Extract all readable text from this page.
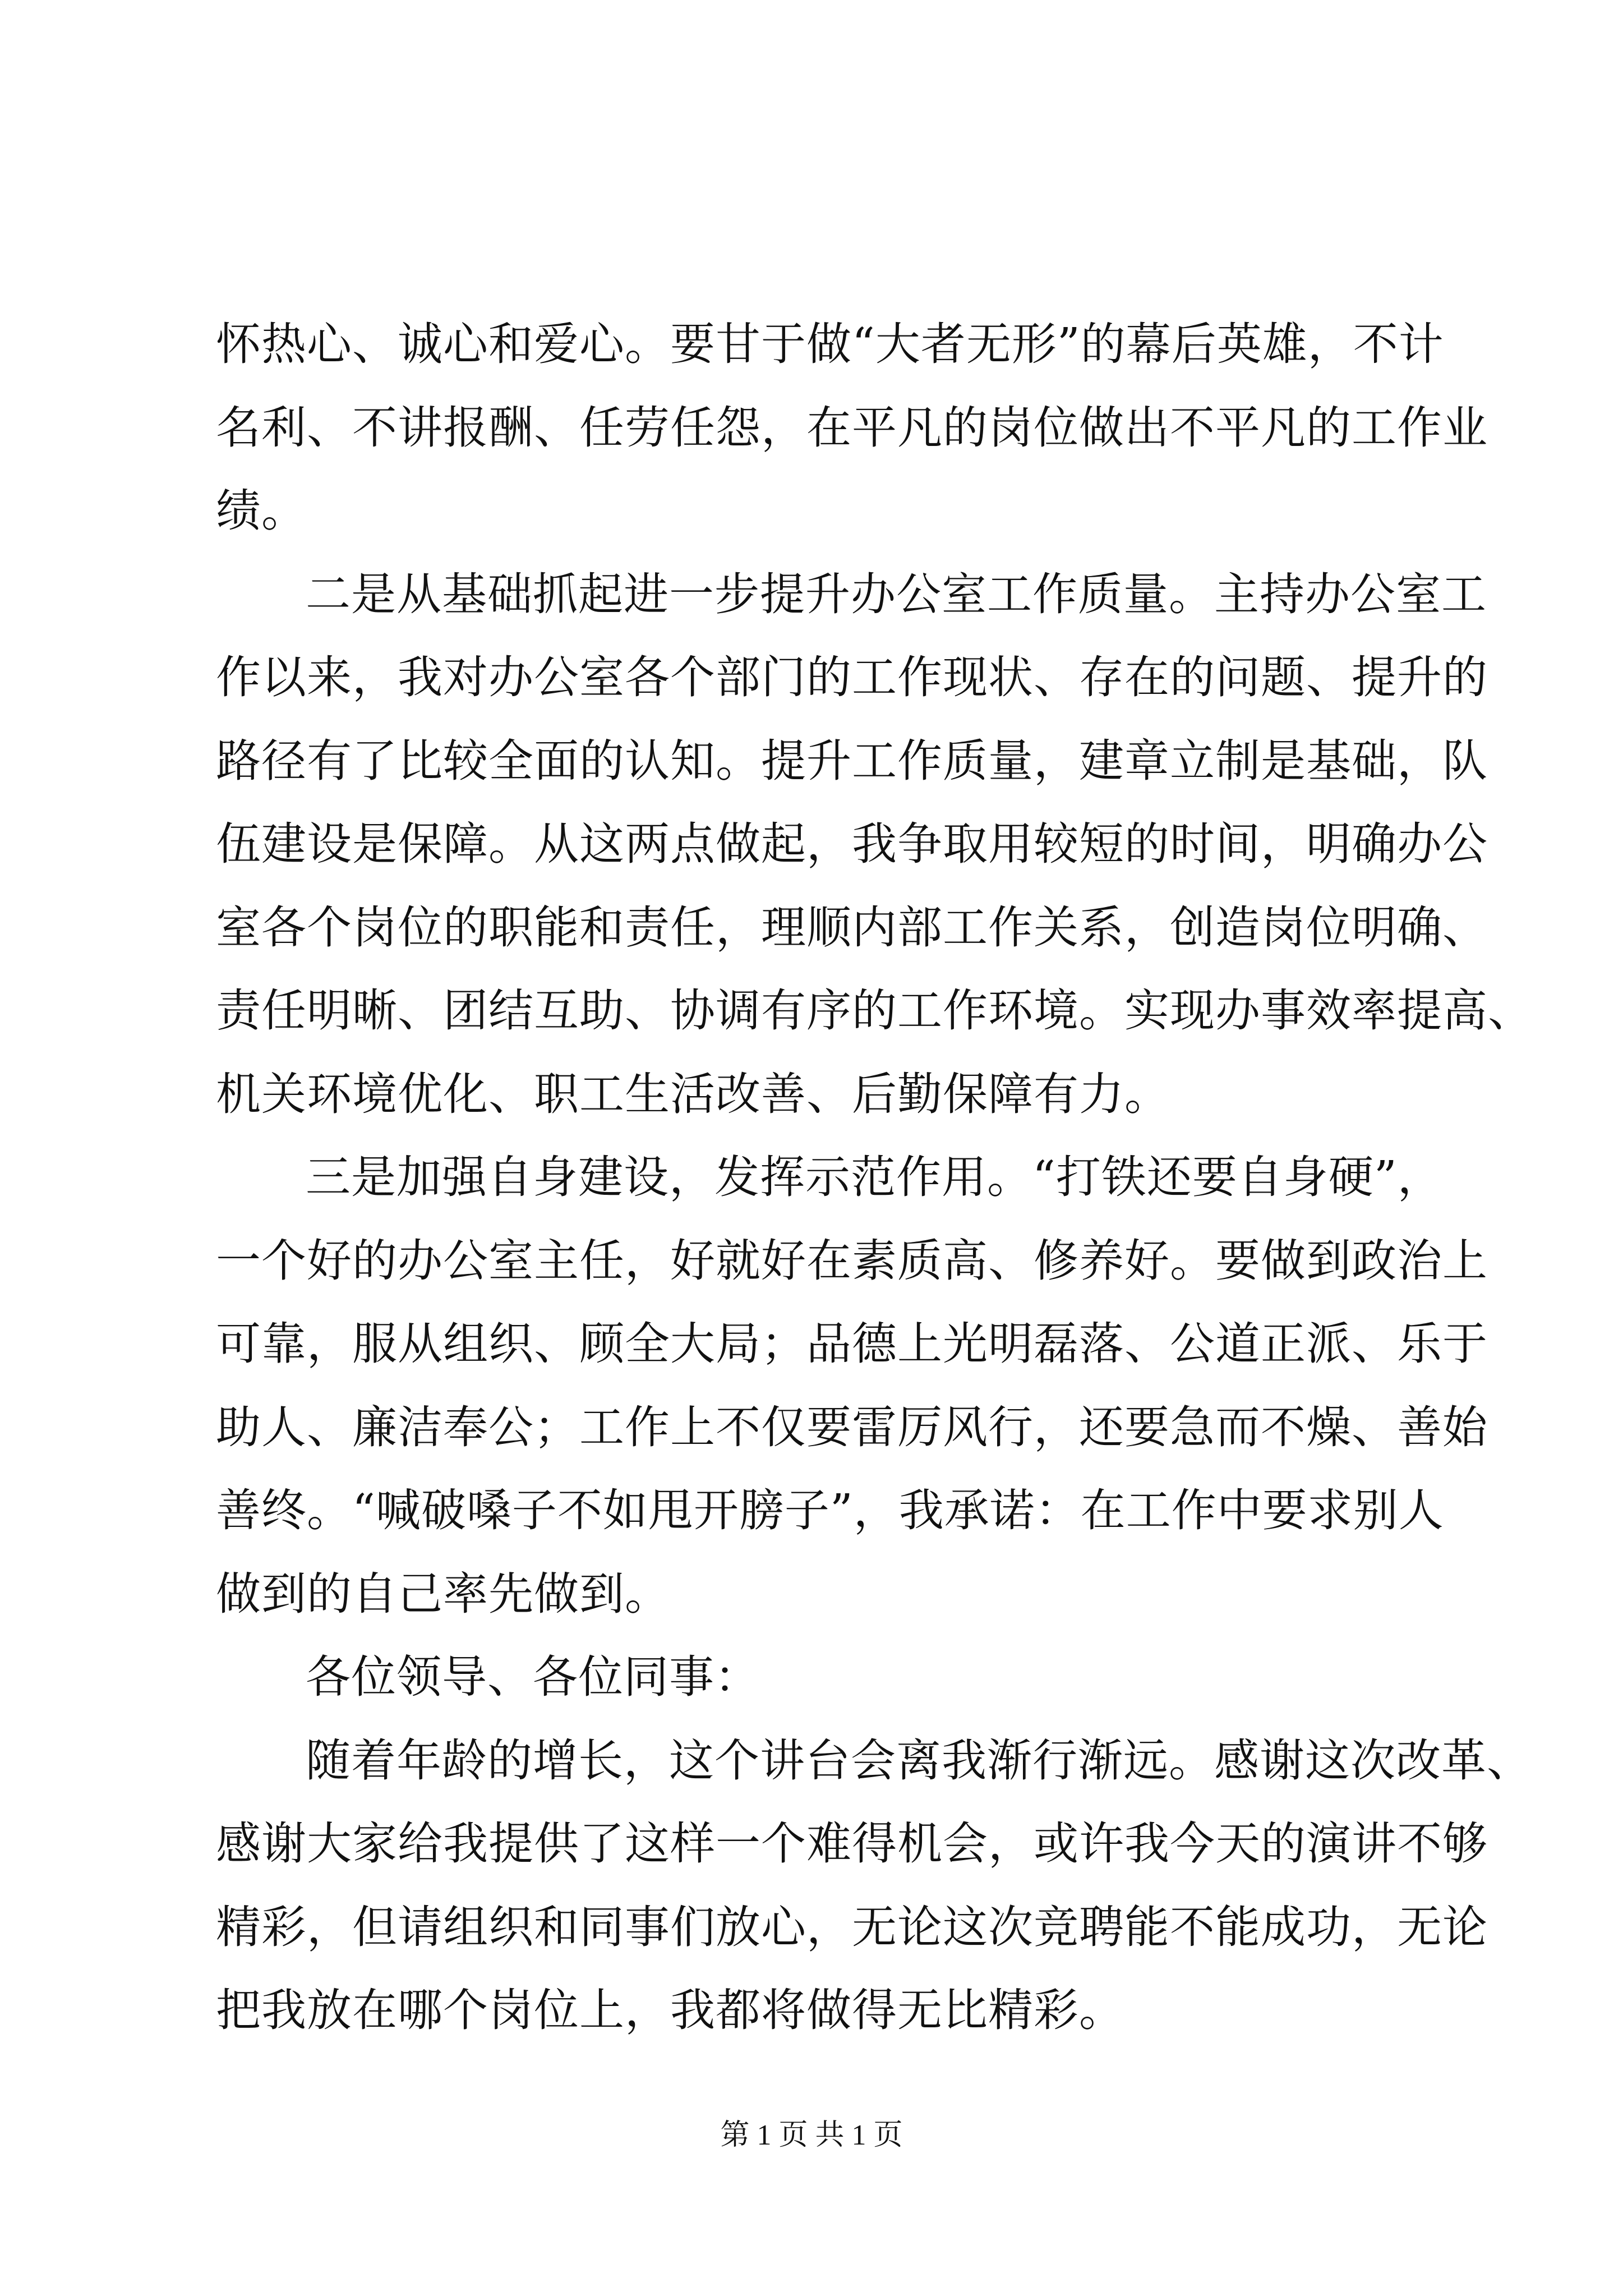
怀热心、诚心和爱心。要甘于做“大者无形”的幕后英雄，不计
名利、不讲报酬、任劳任怨，在平凡的岗位做出不平凡的工作业
绩。
二是从基础抓起进一步提升办公室工作质量。主持办公室工
作以来，我对办公室各个部门的工作现状、存在的问题、提升的
路径有了比较全面的认知。提升工作质量，建章立制是基础，队
伍建设是保障。从这两点做起，我争取用较短的时间，明确办公
室各个岗位的职能和责任，理顺内部工作关系，创造岗位明确、
责任明晰、团结互助、协调有序的工作环境。实现办事效率提高、
机关环境优化、职工生活改善、后勤保障有力。
三是加强自身建设，发挥示范作用。“打铁还要自身硬”，
一个好的办公室主任，好就好在素质高、修养好。要做到政治上
可靠，服从组织、顾全大局；品德上光明磊落、公道正派、乐于
助人、廉洁奉公；工作上不仅要雷厉风行，还要急而不燥、善始
善终。“喊破嗓子不如甩开膀子”，我承诺：在工作中要求别人
做到的自己率先做到。
各位领导、各位同事：
随着年龄的增长，这个讲台会离我渐行渐远。感谢这次改革、
感谢大家给我提供了这样一个难得机会，或许我今天的演讲不够
精彩，但请组织和同事们放心，无论这次竞聘能不能成功，无论
把我放在哪个岗位上，我都将做得无比精彩。
第 1 页 共 1 页
